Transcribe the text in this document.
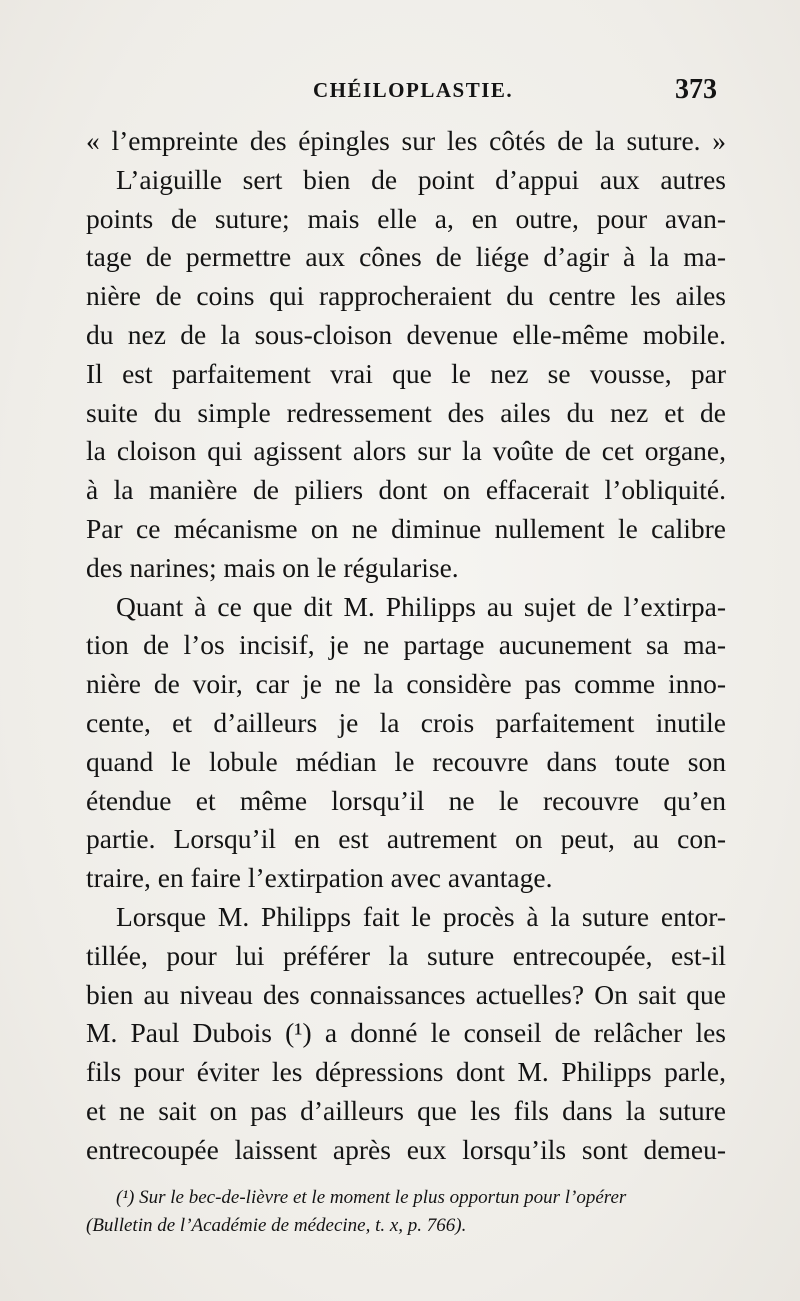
CHÉILOPLASTIE.	373
« l’empreinte des épingles sur les côtés de la suture. »
L’aiguille sert bien de point d’appui aux autres
points de suture; mais elle a, en outre, pour avan-
tage de permettre aux cônes de liége d’agir à la ma-
nière de coins qui rapprocheraient du centre les ailes
du nez de la sous-cloison devenue elle-même mobile.
Il est parfaitement vrai que le nez se vousse, par
suite du simple redressement des ailes du nez et de
la cloison qui agissent alors sur la voûte de cet organe,
à la manière de piliers dont on effacerait l’obliquité.
Par ce mécanisme on ne diminue nullement le calibre
des narines; mais on le régularise.
Quant à ce que dit M. Philipps au sujet de l’extirpa-
tion de l’os incisif, je ne partage aucunement sa ma-
nière de voir, car je ne la considère pas comme inno-
cente, et d’ailleurs je la crois parfaitement inutile
quand le lobule médian le recouvre dans toute son
étendue et même lorsqu’il ne le recouvre qu’en
partie. Lorsqu’il en est autrement on peut, au con-
traire, en faire l’extirpation avec avantage.
Lorsque M. Philipps fait le procès à la suture entor-
tillée, pour lui préférer la suture entrecoupée, est-il
bien au niveau des connaissances actuelles? On sait que
M. Paul Dubois (¹) a donné le conseil de relâcher les
fils pour éviter les dépressions dont M. Philipps parle,
et ne sait on pas d’ailleurs que les fils dans la suture
entrecoupée laissent après eux lorsqu’ils sont demeu-
(¹) Sur le bec-de-lièvre et le moment le plus opportun pour l’opérer
(Bulletin de l’Académie de médecine, t. x, p. 766).
